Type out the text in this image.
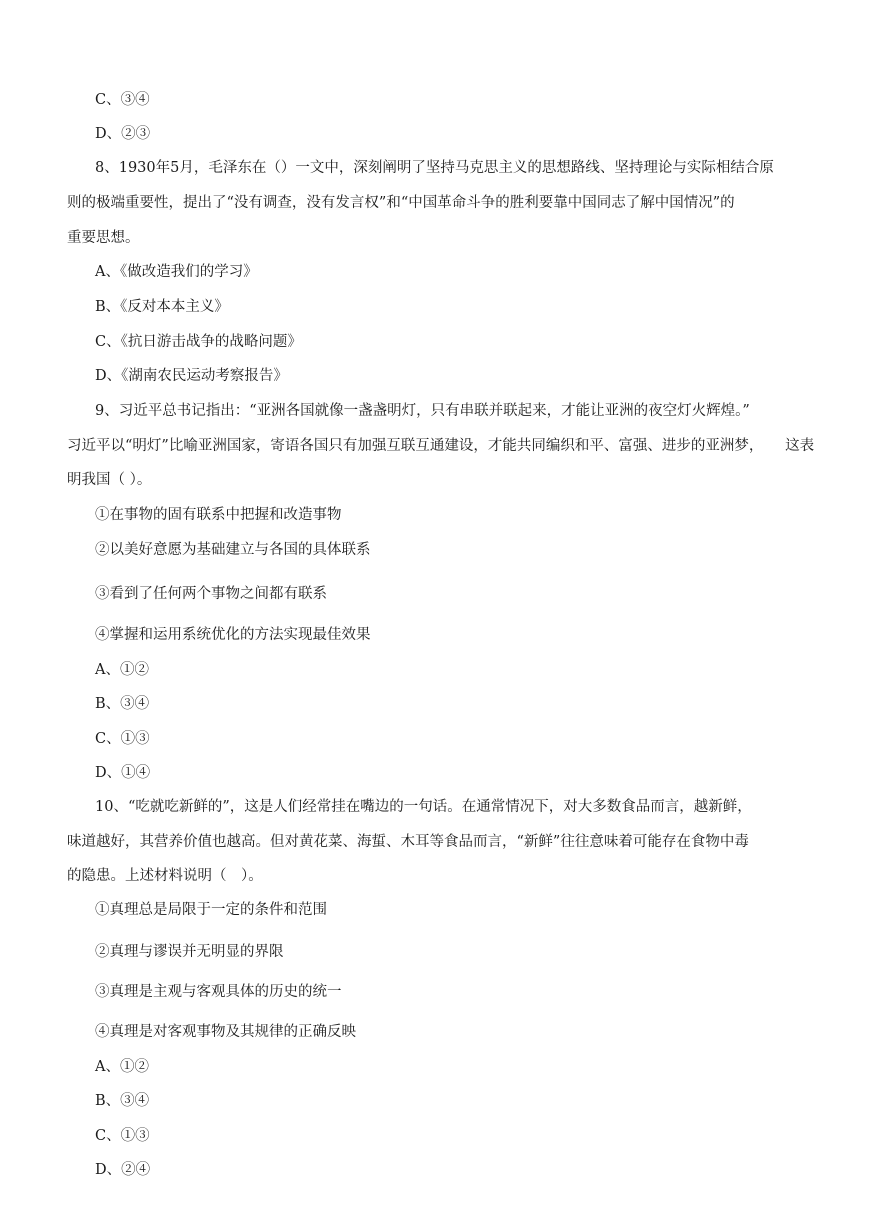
C、③④
D、②③
8、1930年5月，毛泽东在（）一文中，深刻阐明了坚持马克思主义的思想路线、坚持理论与实际相结合原
则的极端重要性，提出了“没有调查，没有发言权”和“中国革命斗争的胜利要靠中国同志了解中国情况”的
重要思想。
A、《做改造我们的学习》
B、《反对本本主义》
C、《抗日游击战争的战略问题》
D、《湖南农民运动考察报告》
9、习近平总书记指出：“亚洲各国就像一盏盏明灯，只有串联并联起来，才能让亚洲的夜空灯火辉煌。”
习近平以“明灯”比喻亚洲国家，寄语各国只有加强互联互通建设，才能共同编织和平、富强、进步的亚洲梦，　　这表
明我国（ ）。
①在事物的固有联系中把握和改造事物
②以美好意愿为基础建立与各国的具体联系
③看到了任何两个事物之间都有联系
④掌握和运用系统优化的方法实现最佳效果
A、①②
B、③④
C、①③
D、①④
10、“吃就吃新鲜的”，这是人们经常挂在嘴边的一句话。在通常情况下，对大多数食品而言，越新鲜，
味道越好，其营养价值也越高。但对黄花菜、海蜇、木耳等食品而言，“新鲜”往往意味着可能存在食物中毒
的隐患。上述材料说明（　）。
①真理总是局限于一定的条件和范围
②真理与谬误并无明显的界限
③真理是主观与客观具体的历史的统一
④真理是对客观事物及其规律的正确反映
A、①②
B、③④
C、①③
D、②④
